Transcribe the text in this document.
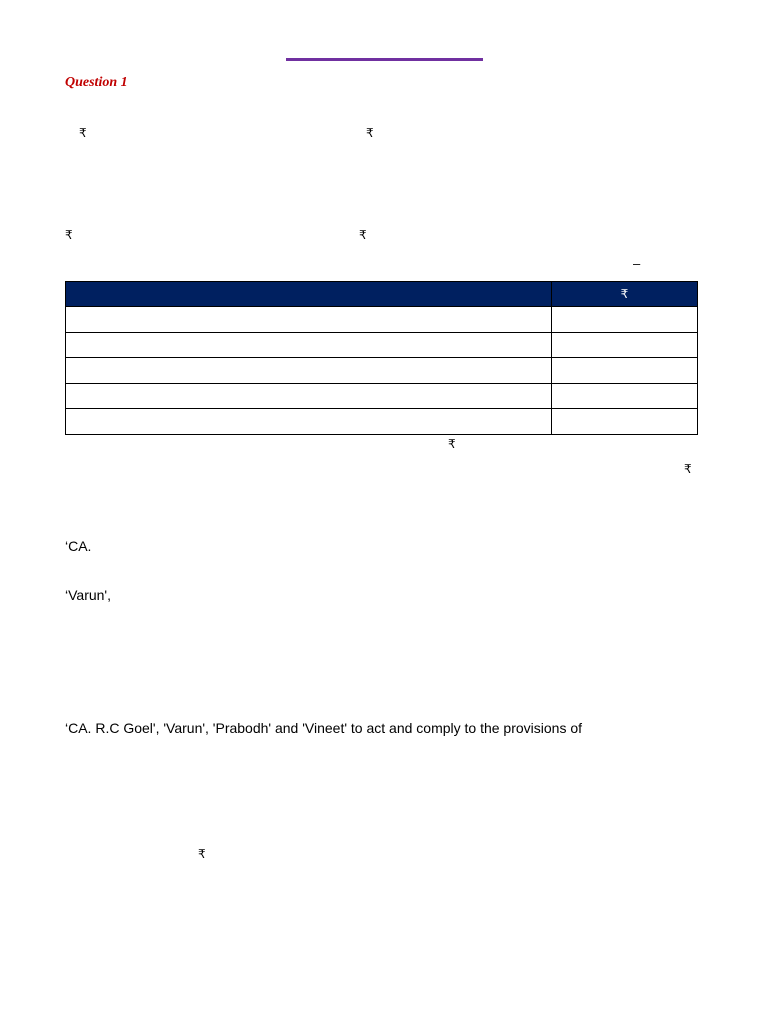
Question 1
₹	₹
₹	₹
–
	₹

₹
₹
‘CA.
‘Varun',
‘CA. R.C Goel', 'Varun', 'Prabodh' and 'Vineet' to act and comply to the provisions of
₹
